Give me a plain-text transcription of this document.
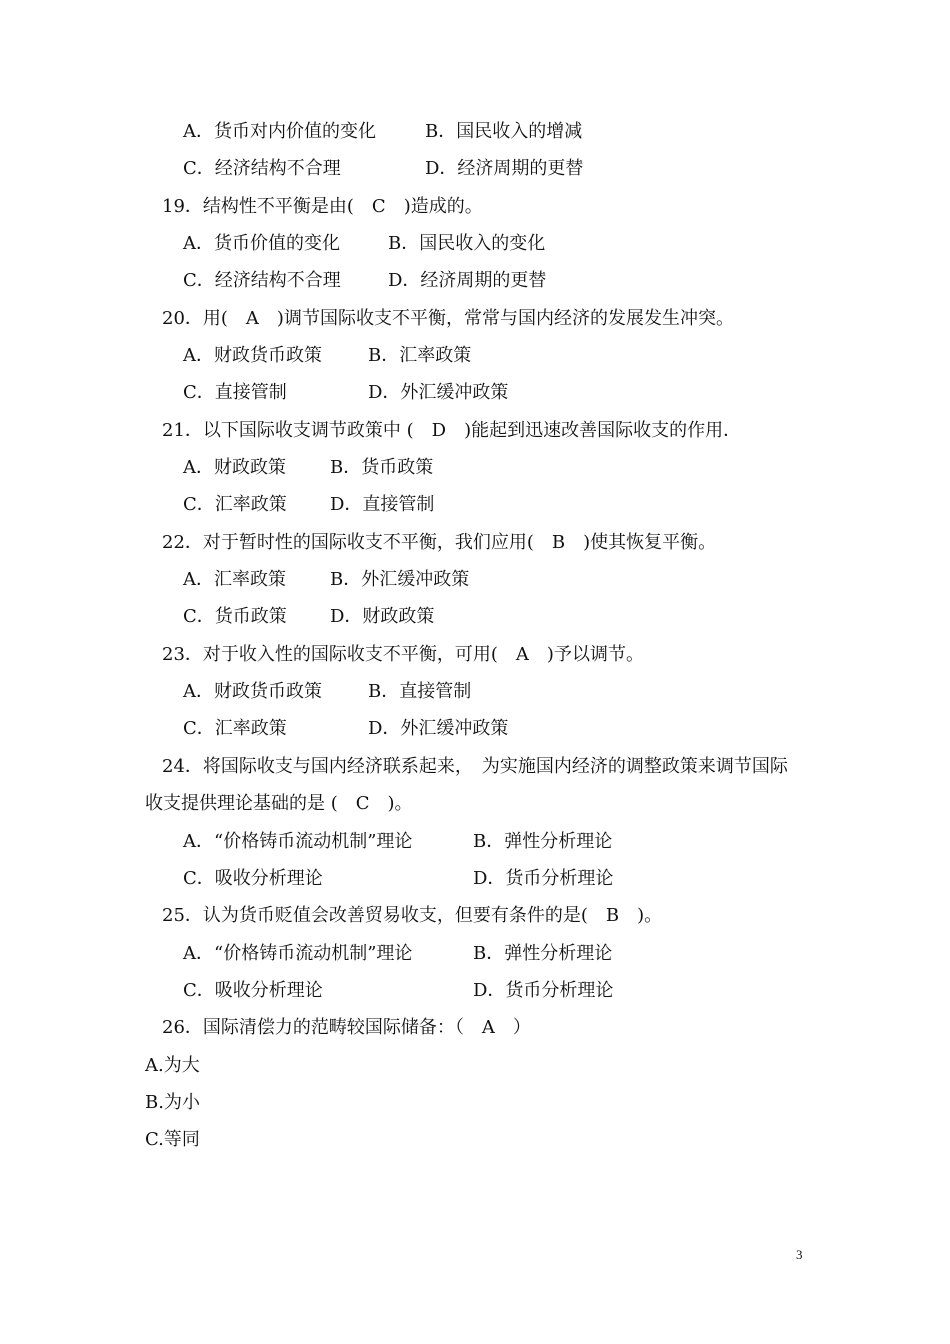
A．货币对内价值的变化	B．国民收入的增减
C．经济结构不合理	D．经济周期的更替
19．结构性不平衡是由(　C　)造成的。
A．货币价值的变化	B．国民收入的变化
C．经济结构不合理	D．经济周期的更替
20．用(　A　)调节国际收支不平衡，常常与国内经济的发展发生冲突。
A．财政货币政策	B．汇率政策
C．直接管制	D．外汇缓冲政策
21．以下国际收支调节政策中 (　D　)能起到迅速改善国际收支的作用．
A．财政政策 B．货币政策
C．汇率政策 D．直接管制
22．对于暂时性的国际收支不平衡，我们应用(　B　)使其恢复平衡。
A．汇率政策 B．外汇缓冲政策
C．货币政策 D．财政政策
23．对于收入性的国际收支不平衡，可用(　A　)予以调节。
A．财政货币政策	B．直接管制
C．汇率政策	D．外汇缓冲政策
24．将国际收支与国内经济联系起来，　为实施国内经济的调整政策来调节国际
收支提供理论基础的是 (　C　)。
A．“价格铸币流动机制”理论	B．弹性分析理论
C．吸收分析理论	D．货币分析理论
25．认为货币贬值会改善贸易收支，但要有条件的是(　B　)。
A．“价格铸币流动机制”理论	B．弹性分析理论
C．吸收分析理论	D．货币分析理论
26．国际清偿力的范畴较国际储备：（　A　）
A.为大
B.为小
C.等同
3
